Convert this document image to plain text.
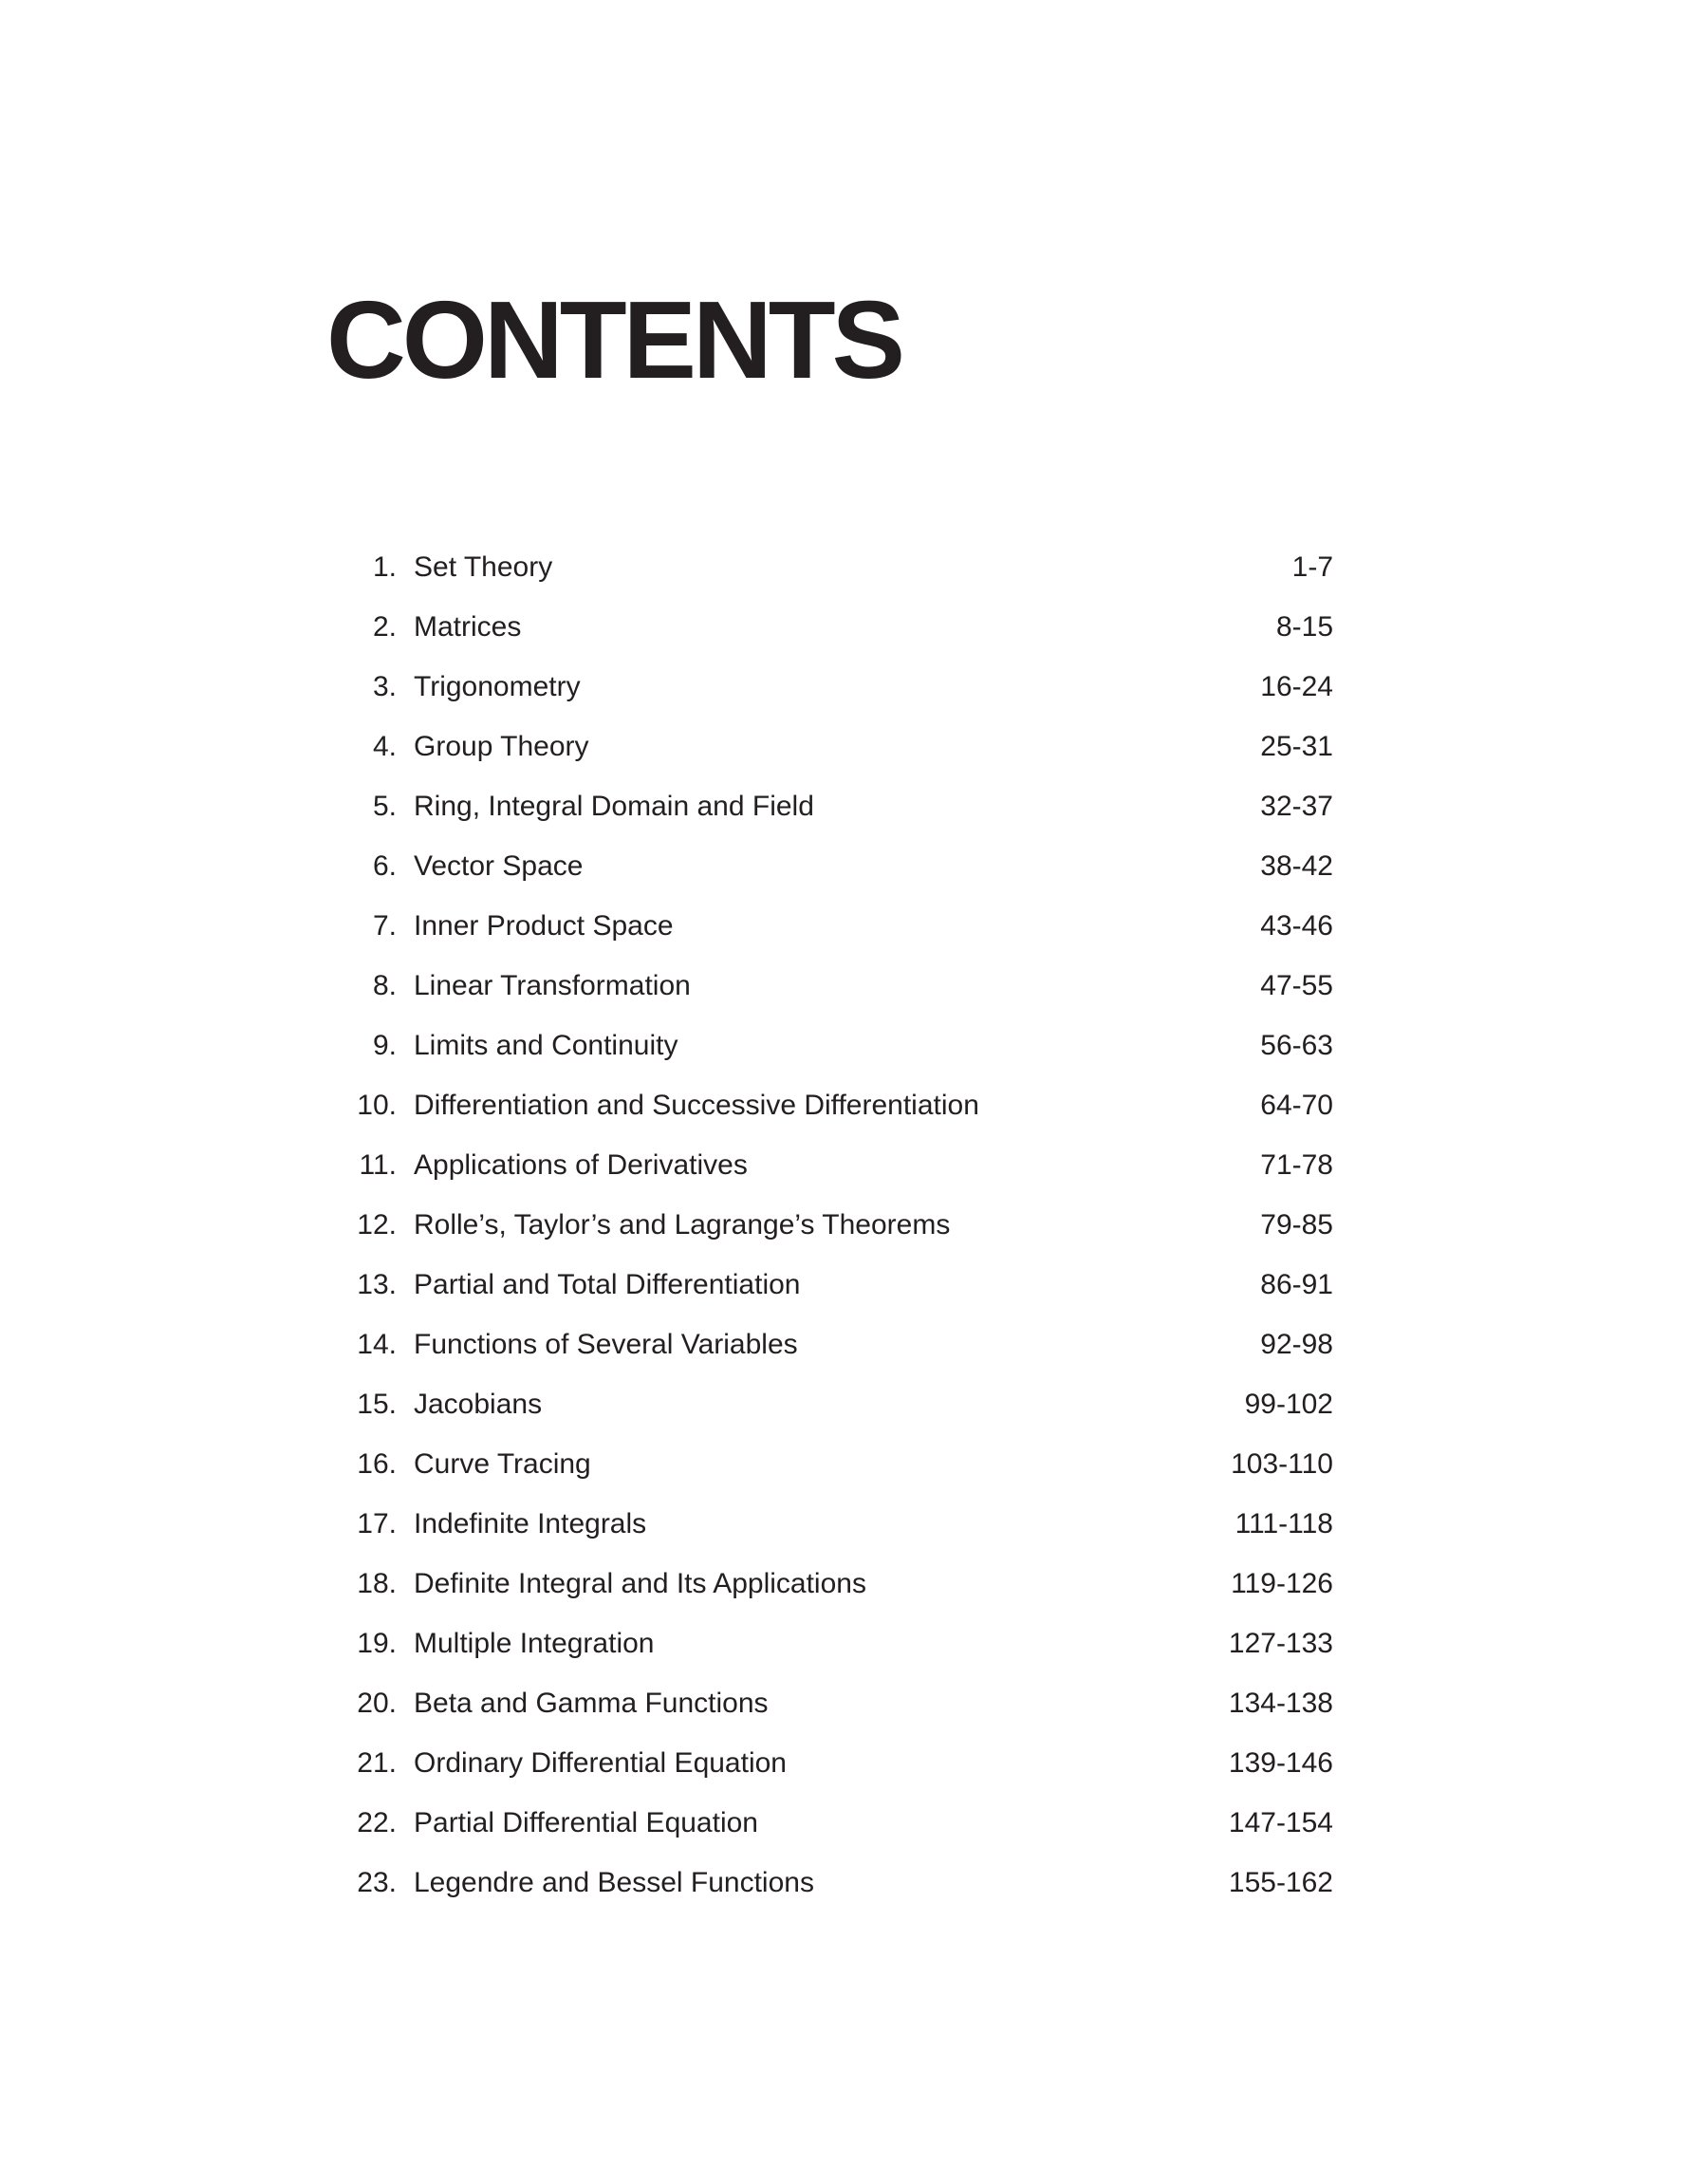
CONTENTS
1. Set Theory	1-7
2. Matrices	8-15
3. Trigonometry	16-24
4. Group Theory	25-31
5. Ring, Integral Domain and Field	32-37
6. Vector Space	38-42
7. Inner Product Space	43-46
8. Linear Transformation	47-55
9. Limits and Continuity	56-63
10. Differentiation and Successive Differentiation	64-70
11. Applications of Derivatives	71-78
12. Rolle’s, Taylor’s and Lagrange’s Theorems	79-85
13. Partial and Total Differentiation	86-91
14. Functions of Several Variables	92-98
15. Jacobians	99-102
16. Curve Tracing	103-110
17. Indefinite Integrals	111-118
18. Definite Integral and Its Applications	119-126
19. Multiple Integration	127-133
20. Beta and Gamma Functions	134-138
21. Ordinary Differential Equation	139-146
22. Partial Differential Equation	147-154
23. Legendre and Bessel Functions	155-162
